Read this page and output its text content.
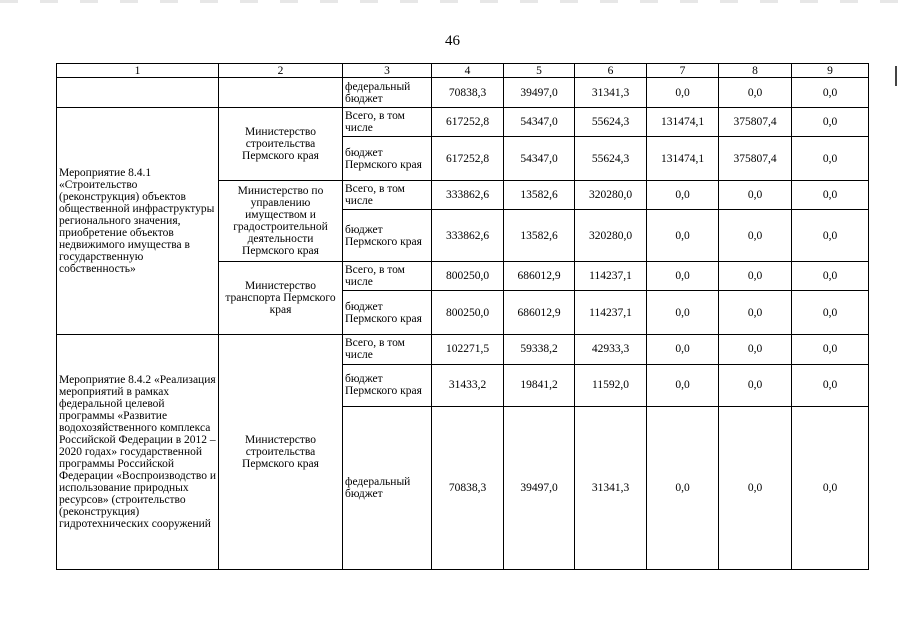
46
1	2	3	4	5	6	7	8	9
		федеральный бюджет	70838,3	39497,0	31341,3	0,0	0,0	0,0
Мероприятие 8.4.1 «Строительство (реконструкция) объектов общественной инфраструктуры регионального значения, приобретение объектов недвижимого имущества в государственную собственность»	Министерство строительства Пермского края	Всего, в том числе	617252,8	54347,0	55624,3	131474,1	375807,4	0,0
		бюджет Пермского края	617252,8	54347,0	55624,3	131474,1	375807,4	0,0
	Министерство по управлению имуществом и градостроительной деятельности Пермского края	Всего, в том числе	333862,6	13582,6	320280,0	0,0	0,0	0,0
		бюджет Пермского края	333862,6	13582,6	320280,0	0,0	0,0	0,0
	Министерство транспорта Пермского края	Всего, в том числе	800250,0	686012,9	114237,1	0,0	0,0	0,0
		бюджет Пермского края	800250,0	686012,9	114237,1	0,0	0,0	0,0
Мероприятие 8.4.2 «Реализация мероприятий в рамках федеральной целевой программы «Развитие водохозяйственного комплекса Российской Федерации в 2012 – 2020 годах» государственной программы Российской Федерации «Воспроизводство и использование природных ресурсов» (строительство (реконструкция) гидротехнических сооружений	Министерство строительства Пермского края	Всего, в том числе	102271,5	59338,2	42933,3	0,0	0,0	0,0
		бюджет Пермского края	31433,2	19841,2	11592,0	0,0	0,0	0,0
		федеральный бюджет	70838,3	39497,0	31341,3	0,0	0,0	0,0
